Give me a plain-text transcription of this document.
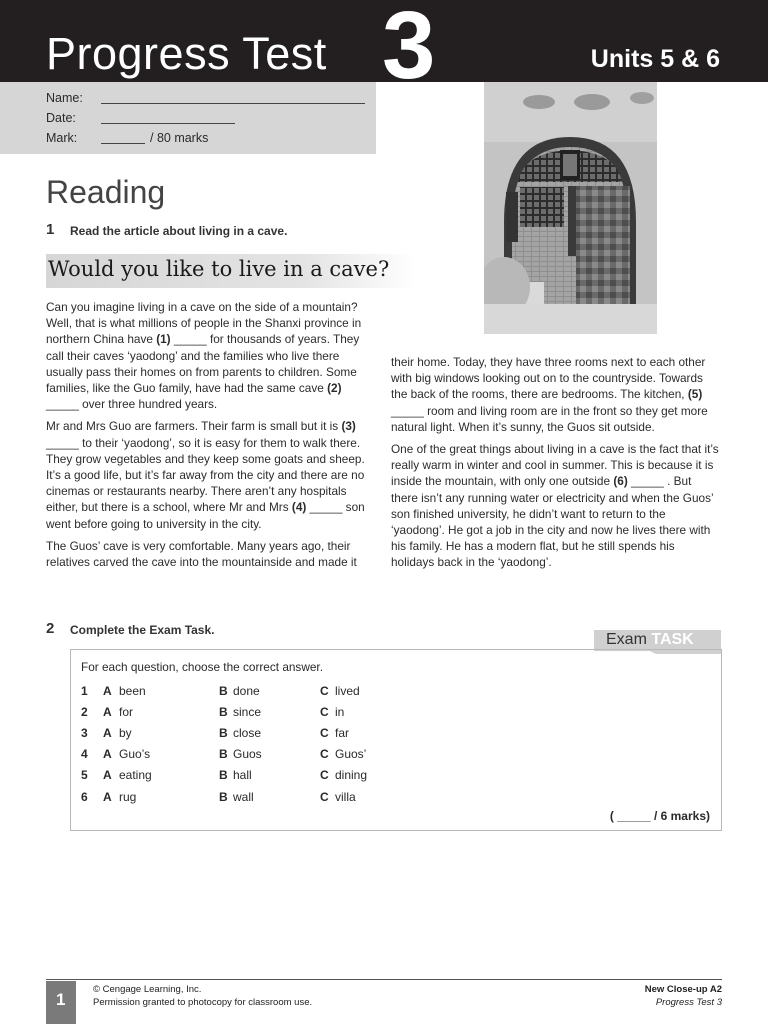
Progress Test 3	Units 5 & 6
Name:
Date:
Mark:	/ 80 marks
Reading
1 Read the article about living in a cave.
Would you like to live in a cave?

Can you imagine living in a cave on the side of a mountain? Well, that is what millions of people in the Shanxi province in northern China have (1) _____ for thousands of years. They call their caves ‘yaodong’ and the families who live there usually pass their homes on from parents to children. Some families, like the Guo family, have had the same cave (2) _____ over three hundred years.

Mr and Mrs Guo are farmers. Their farm is small but it is (3) _____ to their ‘yaodong’, so it is easy for them to walk there. They grow vegetables and they keep some goats and sheep. It’s a good life, but it’s far away from the city and there are no cinemas or restaurants nearby. There aren’t any hospitals either, but there is a school, where Mr and Mrs (4) _____ son went before going to university in the city.

The Guos’ cave is very comfortable. Many years ago, their relatives carved the cave into the mountainside and made it

their home. Today, they have three rooms next to each other with big windows looking out on to the countryside. Towards the back of the rooms, there are bedrooms. The kitchen, (5) _____ room and living room are in the front so they get more natural light. When it’s sunny, the Guos sit outside.

One of the great things about living in a cave is the fact that it’s really warm in winter and cool in summer. This is because it is inside the mountain, with only one outside (6) _____ . But there isn’t any running water or electricity and when the Guos’ son finished university, he didn’t want to return to the ‘yaodong’. He got a job in the city and now he lives there with his family. He has a modern flat, but he still spends his holidays back in the ‘yaodong’.

2 Complete the Exam Task.
Exam TASK
For each question, choose the correct answer.
1 A been	B done	C lived
2 A for	B since	C in
3 A by	B close	C far
4 A Guo’s	B Guos	C Guos’
5 A eating	B hall	C dining
6 A rug	B wall	C villa
( _____ / 6 marks)
1
© Cengage Learning, Inc.
Permission granted to photocopy for classroom use.
New Close-up A2
Progress Test 3
